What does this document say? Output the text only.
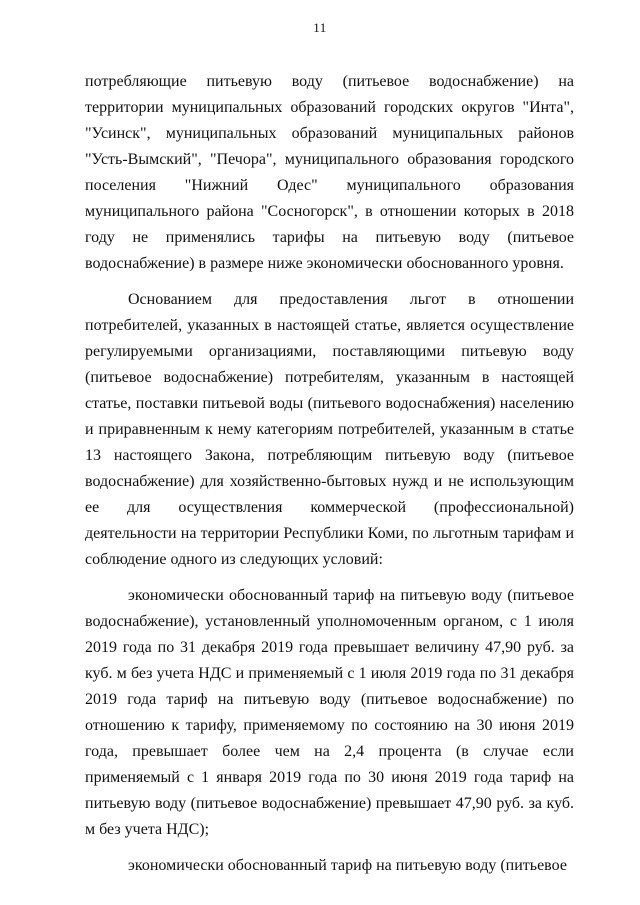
11

потребляющие питьевую воду (питьевое водоснабжение) на территории муниципальных образований городских округов "Инта", "Усинск", муниципальных образований муниципальных районов "Усть-Вымский", "Печора", муниципального образования городского поселения "Нижний Одес" муниципального образования муниципального района "Сосногорск", в отношении которых в 2018 году не применялись тарифы на питьевую воду (питьевое водоснабжение) в размере ниже экономически обоснованного уровня.

Основанием для предоставления льгот в отношении потребителей, указанных в настоящей статье, является осуществление регулируемыми организациями, поставляющими питьевую воду (питьевое водоснабжение) потребителям, указанным в настоящей статье, поставки питьевой воды (питьевого водоснабжения) населению и приравненным к нему категориям потребителей, указанным в статье 13 настоящего Закона, потребляющим питьевую воду (питьевое водоснабжение) для хозяйственно-бытовых нужд и не использующим ее для осуществления коммерческой (профессиональной) деятельности на территории Республики Коми, по льготным тарифам и соблюдение одного из следующих условий:

экономически обоснованный тариф на питьевую воду (питьевое водоснабжение), установленный уполномоченным органом, с 1 июля 2019 года по 31 декабря 2019 года превышает величину 47,90 руб. за куб. м без учета НДС и применяемый с 1 июля 2019 года по 31 декабря 2019 года тариф на питьевую воду (питьевое водоснабжение) по отношению к тарифу, применяемому по состоянию на 30 июня 2019 года, превышает более чем на 2,4 процента (в случае если применяемый с 1 января 2019 года по 30 июня 2019 года тариф на питьевую воду (питьевое водоснабжение) превышает 47,90 руб. за куб. м без учета НДС);

экономически обоснованный тариф на питьевую воду (питьевое
